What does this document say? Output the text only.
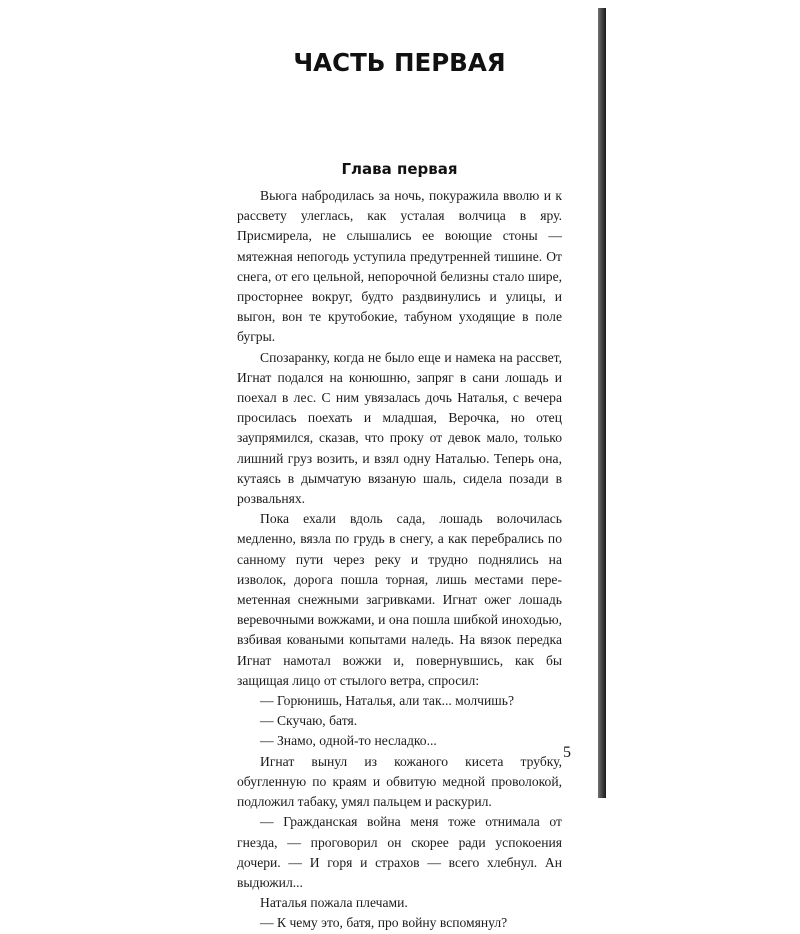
ЧАСТЬ ПЕРВАЯ
Глава первая

Вьюга набродилась за ночь, покуражила вволю и к рассвету улеглась, как усталая волчица в яру. Присмирела, не слышались ее воющие стоны — мятежная непогодь уступила предутренней тишине. От снега, от его цельной, непорочной белизны стало шире, просторнее вокруг, будто раздвинулись и улицы, и выгон, вон те крутобокие, табуном уходящие в поле бугры.

Спозаранку, когда не было еще и намека на рассвет, Игнат подался на конюшню, запряг в сани лошадь и поехал в лес. С ним увязалась дочь Наталья, с вечера просилась поехать и младшая, Верочка, но отец заупрямился, сказав, что проку от девок мало, только лишний груз возить, и взял одну Наталью. Теперь она, кутаясь в дымчатую вязаную шаль, сидела позади в розвальнях.

Пока ехали вдоль сада, лошадь волочилась медленно, вязла по грудь в снегу, а как перебрались по санному пути через реку и трудно поднялись на изволок, дорога пошла торная, лишь местами переметенная снежными загривками. Игнат ожег лошадь веревочными вожжами, и она пошла шибкой иноходью, взбивая коваными копытами наледь. На вязок передка Игнат намотал вожжи и, повернувшись, как бы защищая лицо от стылого ветра, спросил:

— Горюнишь, Наталья, али так... молчишь?

— Скучаю, батя.

— Знамо, одной-то несладко...

Игнат вынул из кожаного кисета трубку, обугленную по краям и обвитую медной проволокой, подложил табаку, умял пальцем и раскурил.

— Гражданская война меня тоже отнимала от гнезда, — проговорил он скорее ради успокоения дочери. — И горя и страхов — всего хлебнул. Ан выдюжил...

Наталья пожала плечами.

— К чему это, батя, про войну вспомянул?

5
